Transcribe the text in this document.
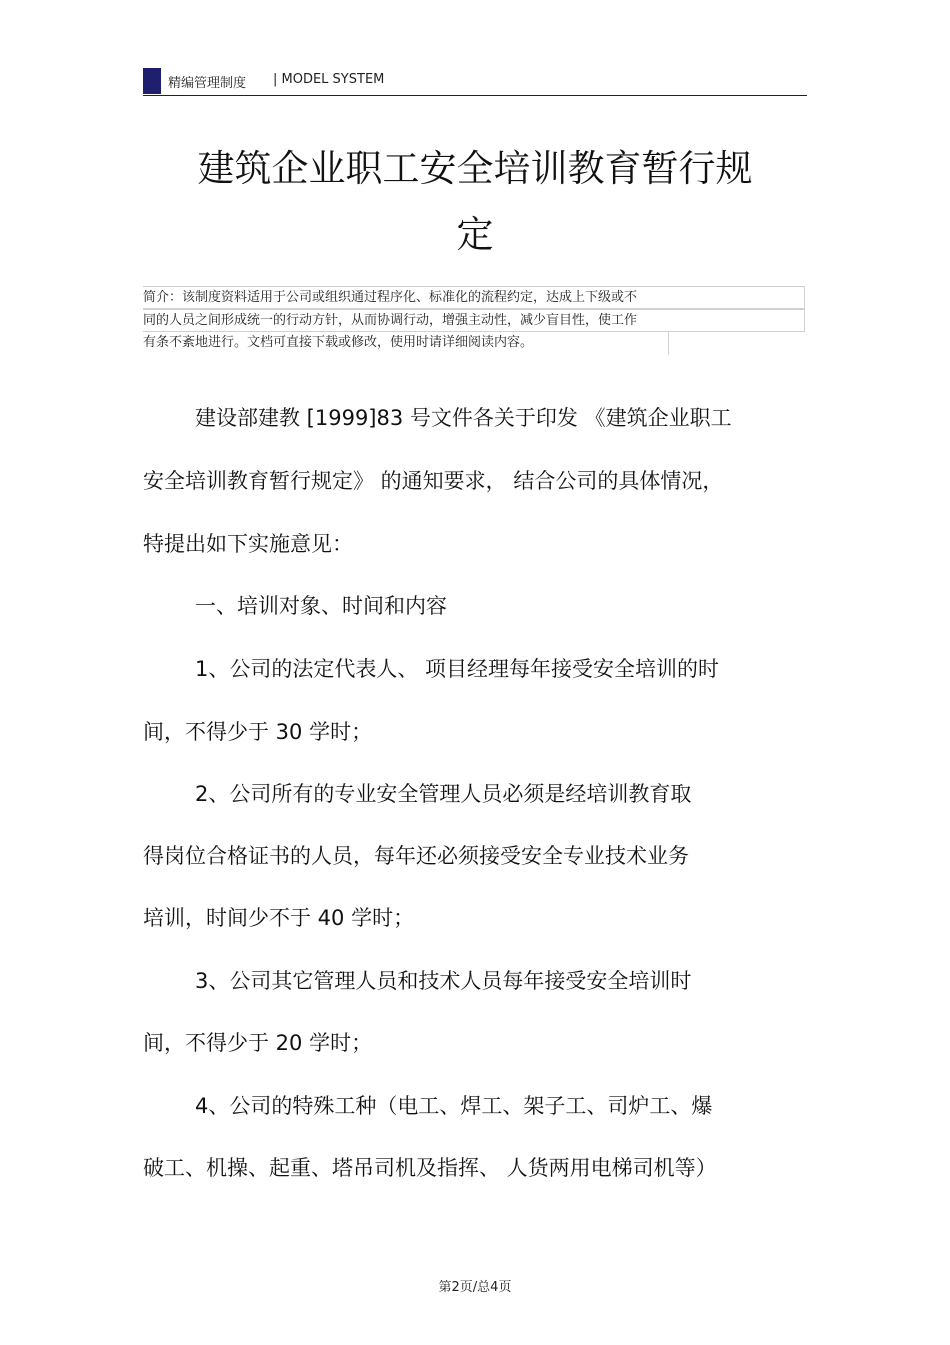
精编管理制度 | MODEL SYSTEM
建筑企业职工安全培训教育暂行规
定
简介：该制度资料适用于公司或组织通过程序化、标准化的流程约定，达成上下级或不
同的人员之间形成统一的行动方针，从而协调行动，增强主动性，减少盲目性，使工作
有条不紊地进行。文档可直接下载或修改，使用时请详细阅读内容。
建设部建教 [1999]83 号文件各关于印发 《建筑企业职工
安全培训教育暂行规定》 的通知要求， 结合公司的具体情况，
特提出如下实施意见：
一、培训对象、时间和内容
1、公司的法定代表人、 项目经理每年接受安全培训的时
间，不得少于 30 学时；
2、公司所有的专业安全管理人员必须是经培训教育取
得岗位合格证书的人员，每年还必须接受安全专业技术业务
培训，时间少不于 40 学时；
3、公司其它管理人员和技术人员每年接受安全培训时
间，不得少于 20 学时；
4、公司的特殊工种（电工、焊工、架子工、司炉工、爆
破工、机操、起重、塔吊司机及指挥、 人货两用电梯司机等）
第2页/总4页
